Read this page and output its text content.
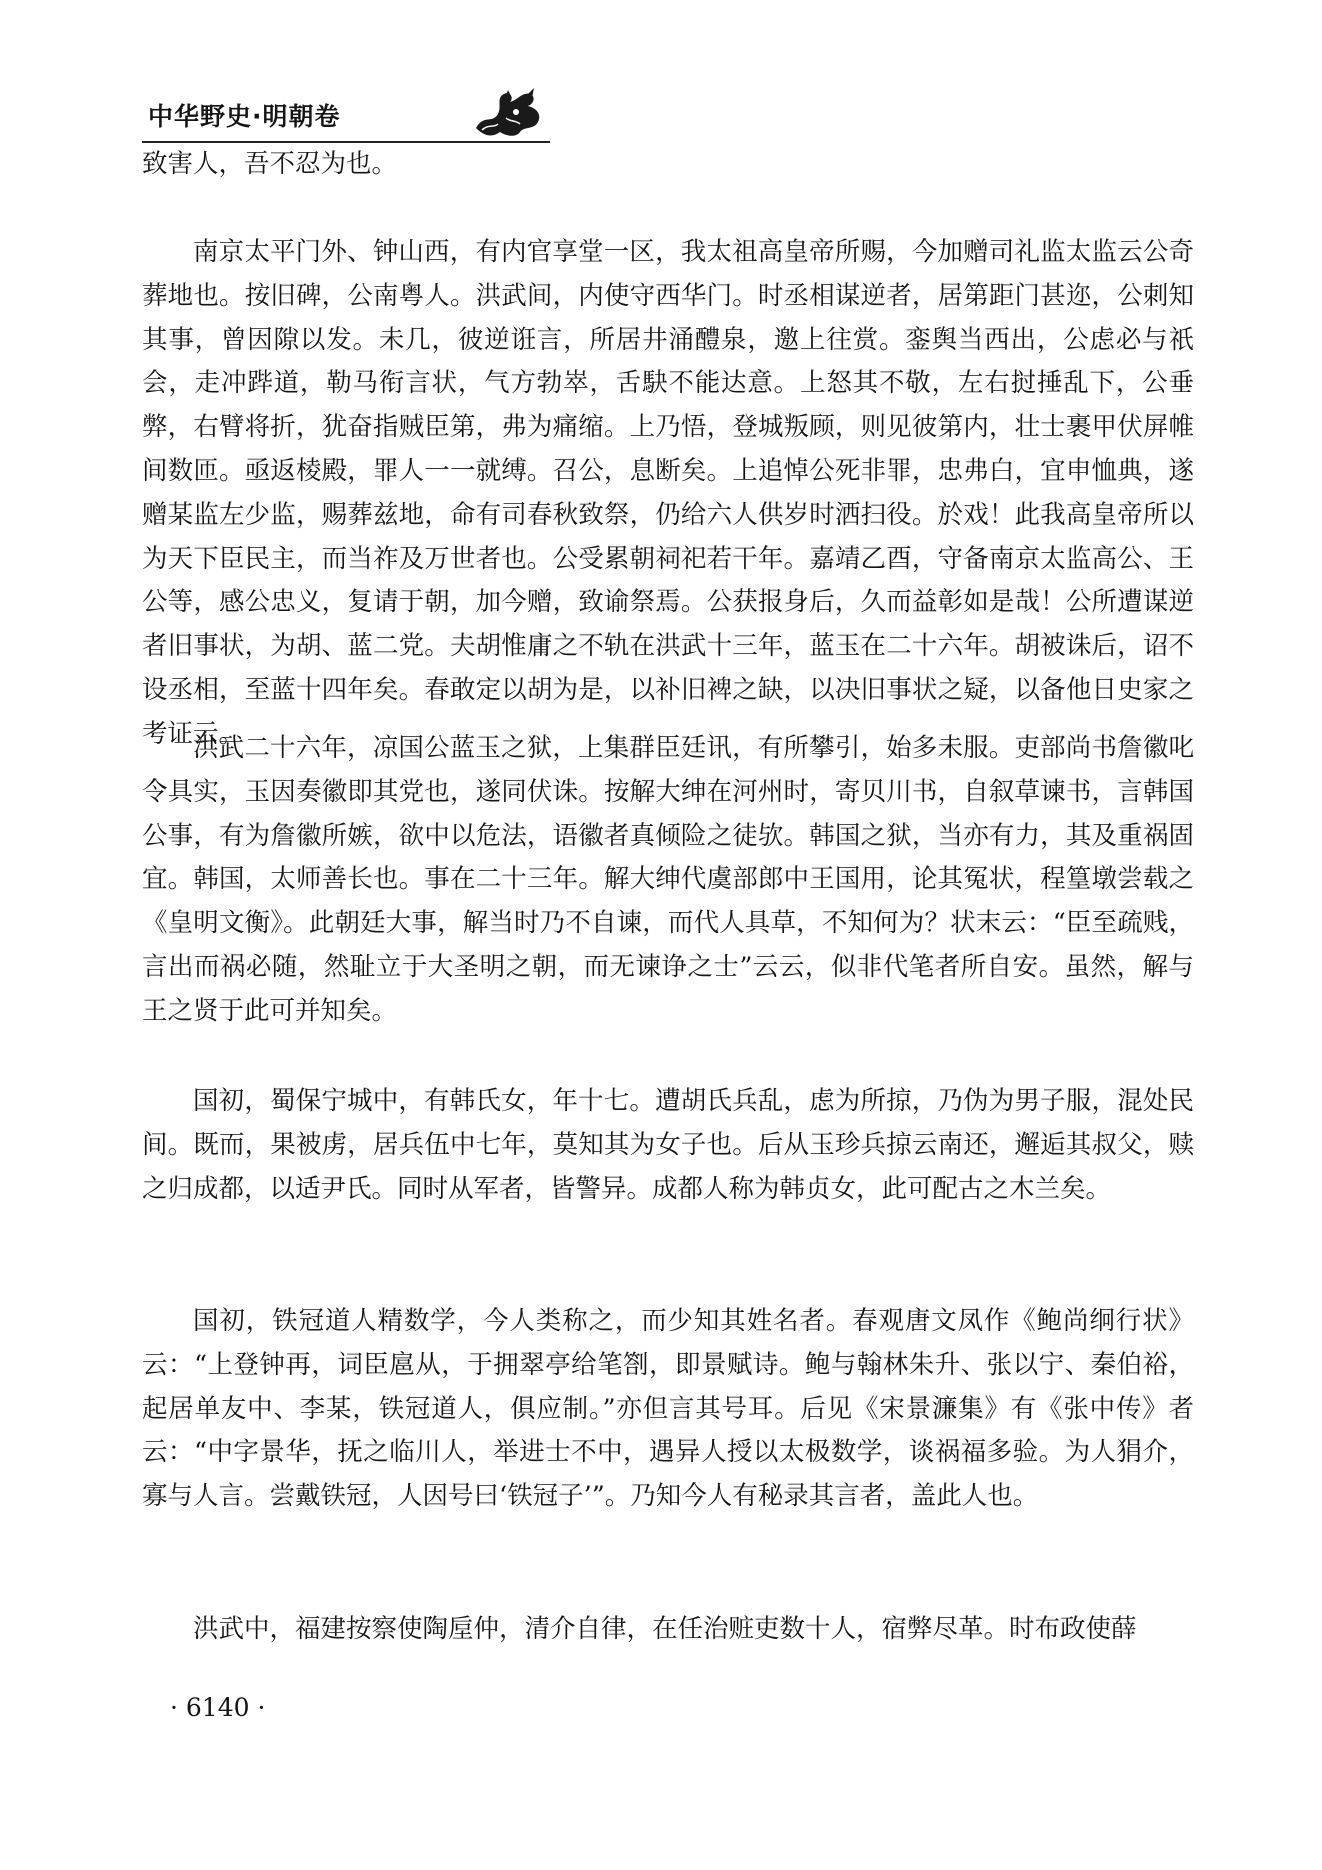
中华野史·明朝卷

致害人，吾不忍为也。

南京太平门外、钟山西，有内官享堂一区，我太祖高皇帝所赐，今加赠司礼监太监云公奇葬地也。按旧碑，公南粤人。洪武间，内使守西华门。时丞相谋逆者，居第距门甚迩，公刺知其事，曾因隙以发。未几，彼逆诳言，所居井涌醴泉，邀上往赏。銮舆当西出，公虑必与祇会，走冲跸道，勒马衔言状，气方勃崒，舌駃不能达意。上怒其不敬，左右挝捶乱下，公垂弊，右臂将折，犹奋指贼臣第，弗为痛缩。上乃悟，登城叛顾，则见彼第内，壮士裹甲伏屏帷间数匝。亟返棱殿，罪人一一就缚。召公，息断矣。上追悼公死非罪，忠弗白，宜申恤典，遂赠某监左少监，赐葬兹地，命有司春秋致祭，仍给六人供岁时洒扫役。於戏！此我高皇帝所以为天下臣民主，而当祚及万世者也。公受累朝祠祀若干年。嘉靖乙酉，守备南京太监高公、王公等，感公忠义，复请于朝，加今赠，致谕祭焉。公获报身后，久而益彰如是哉！公所遭谋逆者旧事状，为胡、蓝二党。夫胡惟庸之不轨在洪武十三年，蓝玉在二十六年。胡被诛后，诏不设丞相，至蓝十四年矣。春敢定以胡为是，以补旧裨之缺，以决旧事状之疑，以备他日史家之考证云。

洪武二十六年，凉国公蓝玉之狱，上集群臣廷讯，有所攀引，始多未服。吏部尚书詹徽叱令具实，玉因奏徽即其党也，遂同伏诛。按解大绅在河州时，寄贝川书，自叙草谏书，言韩国公事，有为詹徽所嫉，欲中以危法，语徽者真倾险之徒欤。韩国之狱，当亦有力，其及重祸固宜。韩国，太师善长也。事在二十三年。解大绅代虞部郎中王国用，论其冤状，程篁墩尝载之《皇明文衡》。此朝廷大事，解当时乃不自谏，而代人具草，不知何为？状末云：“臣至疏贱，言出而祸必随，然耻立于大圣明之朝，而无谏诤之士”云云，似非代笔者所自安。虽然，解与王之贤于此可并知矣。

国初，蜀保宁城中，有韩氏女，年十七。遭胡氏兵乱，虑为所掠，乃伪为男子服，混处民间。既而，果被虏，居兵伍中七年，莫知其为女子也。后从玉珍兵掠云南还，邂逅其叔父，赎之归成都，以适尹氏。同时从军者，皆警异。成都人称为韩贞女，此可配古之木兰矣。

国初，铁冠道人精数学，今人类称之，而少知其姓名者。春观唐文凤作《鲍尚䌹行状》云：“上登钟再，词臣扈从，于拥翠亭给笔劄，即景赋诗。鲍与翰林朱升、张以宁、秦伯裕，起居单友中、李某，铁冠道人，俱应制。”亦但言其号耳。后见《宋景濂集》有《张中传》者云：“中字景华，抚之临川人，举进士不中，遇异人授以太极数学，谈祸福多验。为人狷介，寡与人言。尝戴铁冠，人因号曰‘铁冠子’”。乃知今人有秘录其言者，盖此人也。

洪武中，福建按察使陶垕仲，清介自律，在任治赃吏数十人，宿弊尽革。时布政使薛

· 6140 ·
